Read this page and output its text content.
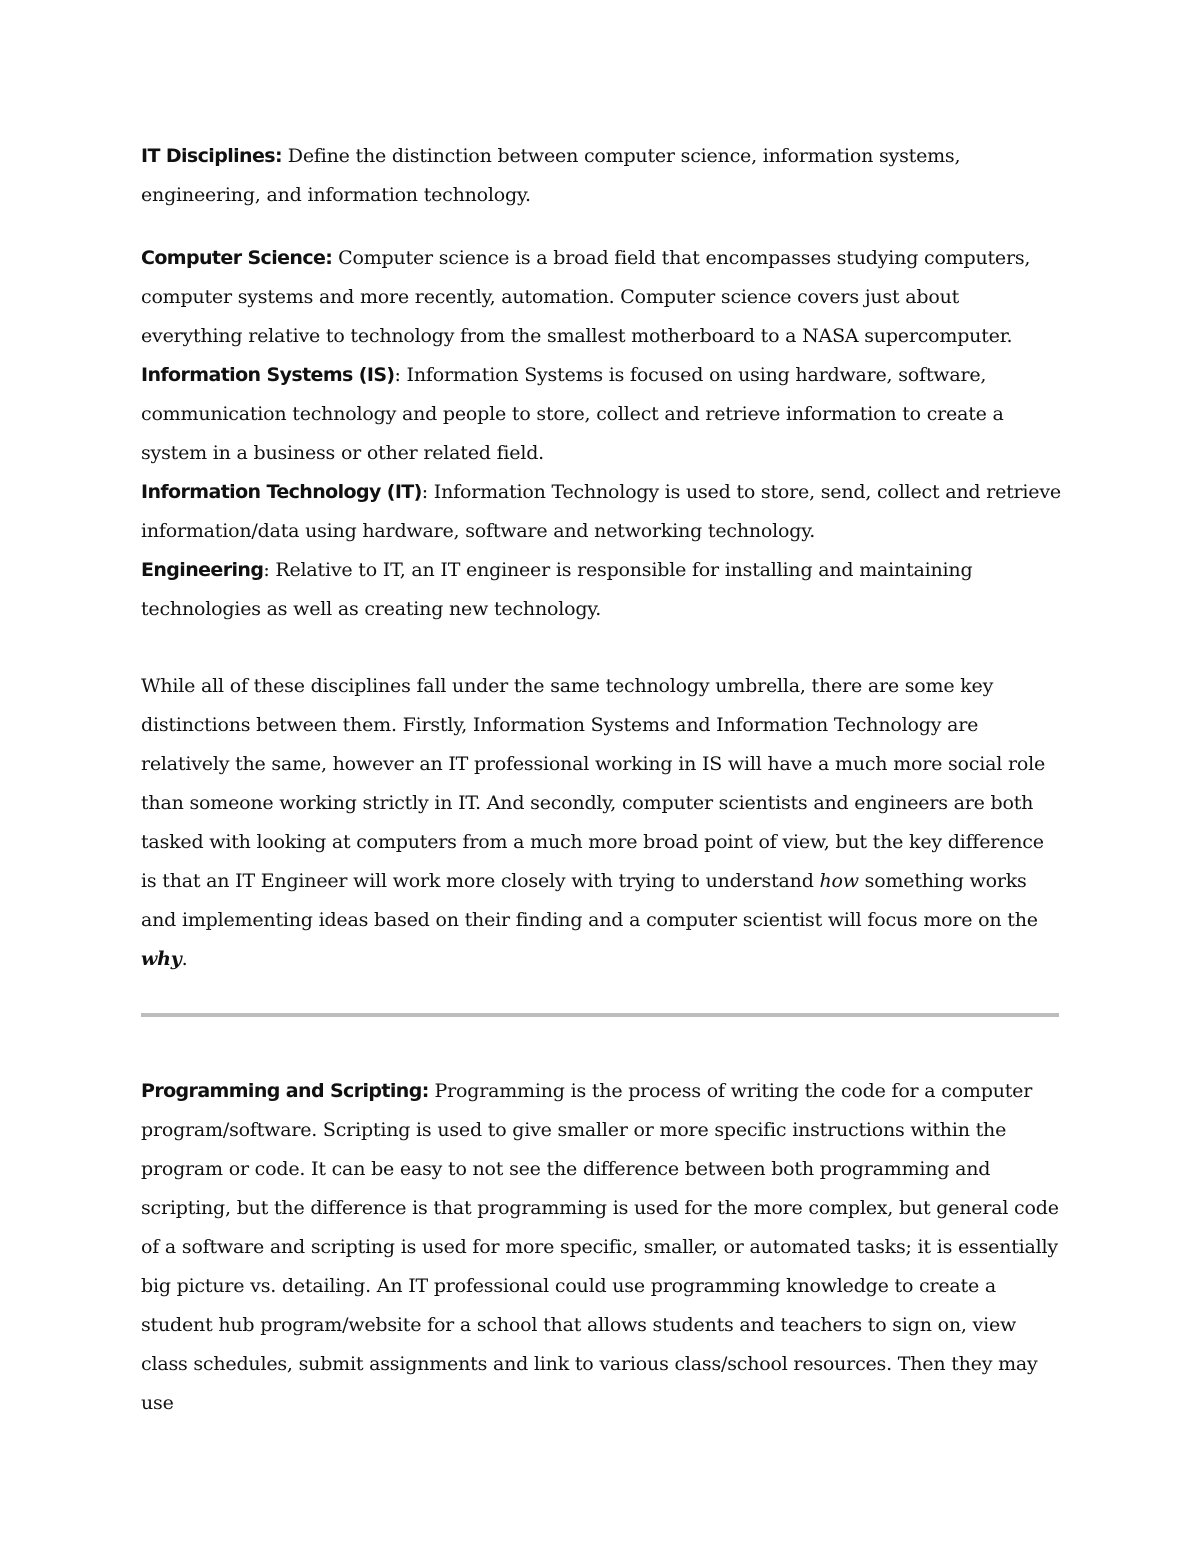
IT Disciplines: Define the distinction between computer science, information systems, engineering, and information technology.

Computer Science: Computer science is a broad field that encompasses studying computers, computer systems and more recently, automation. Computer science covers just about everything relative to technology from the smallest motherboard to a NASA supercomputer.

Information Systems (IS): Information Systems is focused on using hardware, software, communication technology and people to store, collect and retrieve information to create a system in a business or other related field.

Information Technology (IT): Information Technology is used to store, send, collect and retrieve information/data using hardware, software and networking technology.

Engineering: Relative to IT, an IT engineer is responsible for installing and maintaining technologies as well as creating new technology.

While all of these disciplines fall under the same technology umbrella, there are some key distinctions between them. Firstly, Information Systems and Information Technology are relatively the same, however an IT professional working in IS will have a much more social role than someone working strictly in IT. And secondly, computer scientists and engineers are both tasked with looking at computers from a much more broad point of view, but the key difference is that an IT Engineer will work more closely with trying to understand how something works and implementing ideas based on their finding and a computer scientist will focus more on the why.

Programming and Scripting: Programming is the process of writing the code for a computer program/software. Scripting is used to give smaller or more specific instructions within the program or code. It can be easy to not see the difference between both programming and scripting, but the difference is that programming is used for the more complex, but general code of a software and scripting is used for more specific, smaller, or automated tasks; it is essentially big picture vs. detailing. An IT professional could use programming knowledge to create a student hub program/website for a school that allows students and teachers to sign on, view class schedules, submit assignments and link to various class/school resources. Then they may use
